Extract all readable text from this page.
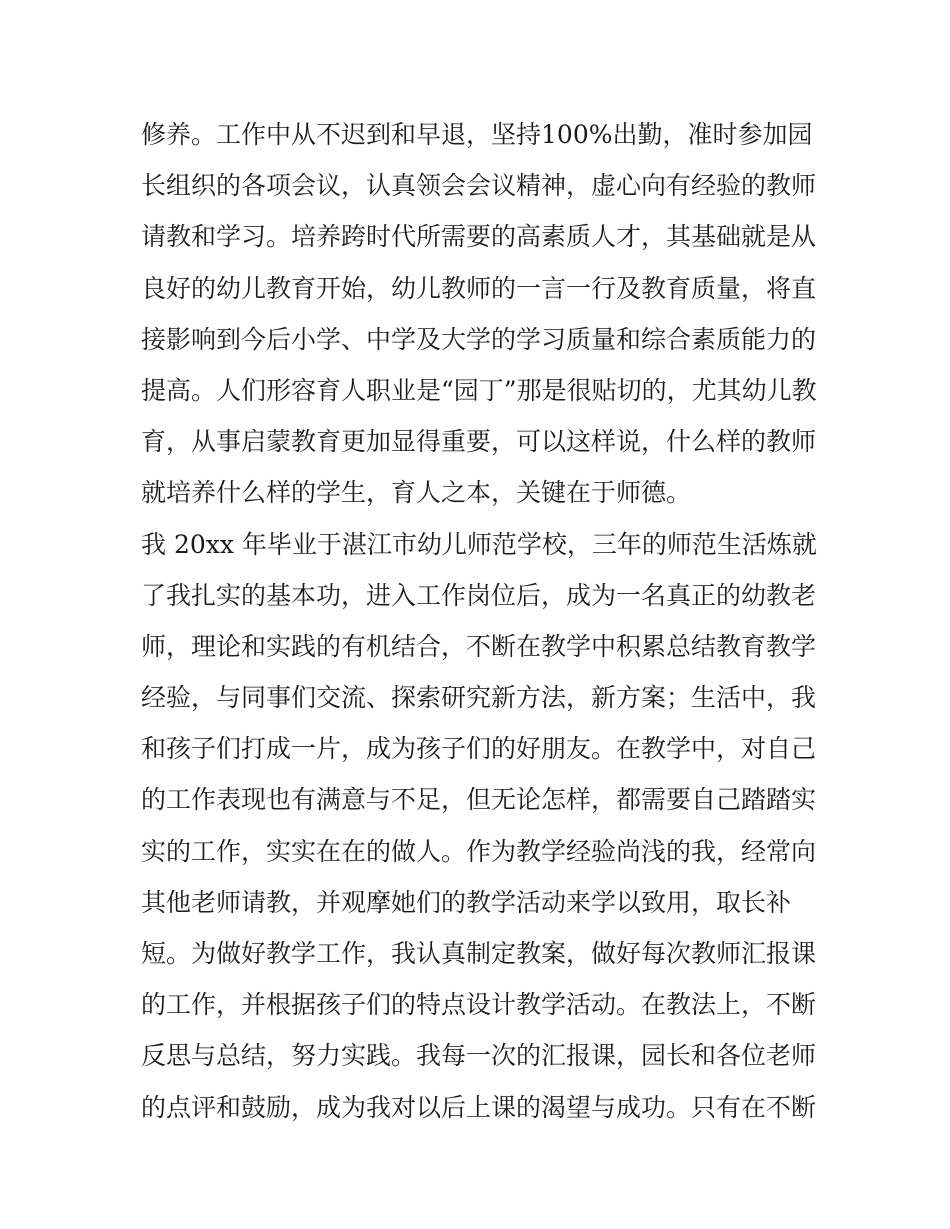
修养。工作中从不迟到和早退，坚持100%出勤，准时参加园
长组织的各项会议，认真领会会议精神，虚心向有经验的教师
请教和学习。培养跨时代所需要的高素质人才，其基础就是从
良好的幼儿教育开始，幼儿教师的一言一行及教育质量，将直
接影响到今后小学、中学及大学的学习质量和综合素质能力的
提高。人们形容育人职业是“园丁”那是很贴切的，尤其幼儿教
育，从事启蒙教育更加显得重要，可以这样说，什么样的教师
就培养什么样的学生，育人之本，关键在于师德。
我 20xx 年毕业于湛江市幼儿师范学校，三年的师范生活炼就
了我扎实的基本功，进入工作岗位后，成为一名真正的幼教老
师，理论和实践的有机结合，不断在教学中积累总结教育教学
经验，与同事们交流、探索研究新方法，新方案；生活中，我
和孩子们打成一片，成为孩子们的好朋友。在教学中，对自己
的工作表现也有满意与不足，但无论怎样，都需要自己踏踏实
实的工作，实实在在的做人。作为教学经验尚浅的我，经常向
其他老师请教，并观摩她们的教学活动来学以致用，取长补
短。为做好教学工作，我认真制定教案，做好每次教师汇报课
的工作，并根据孩子们的特点设计教学活动。在教法上，不断
反思与总结，努力实践。我每一次的汇报课，园长和各位老师
的点评和鼓励，成为我对以后上课的渴望与成功。只有在不断
